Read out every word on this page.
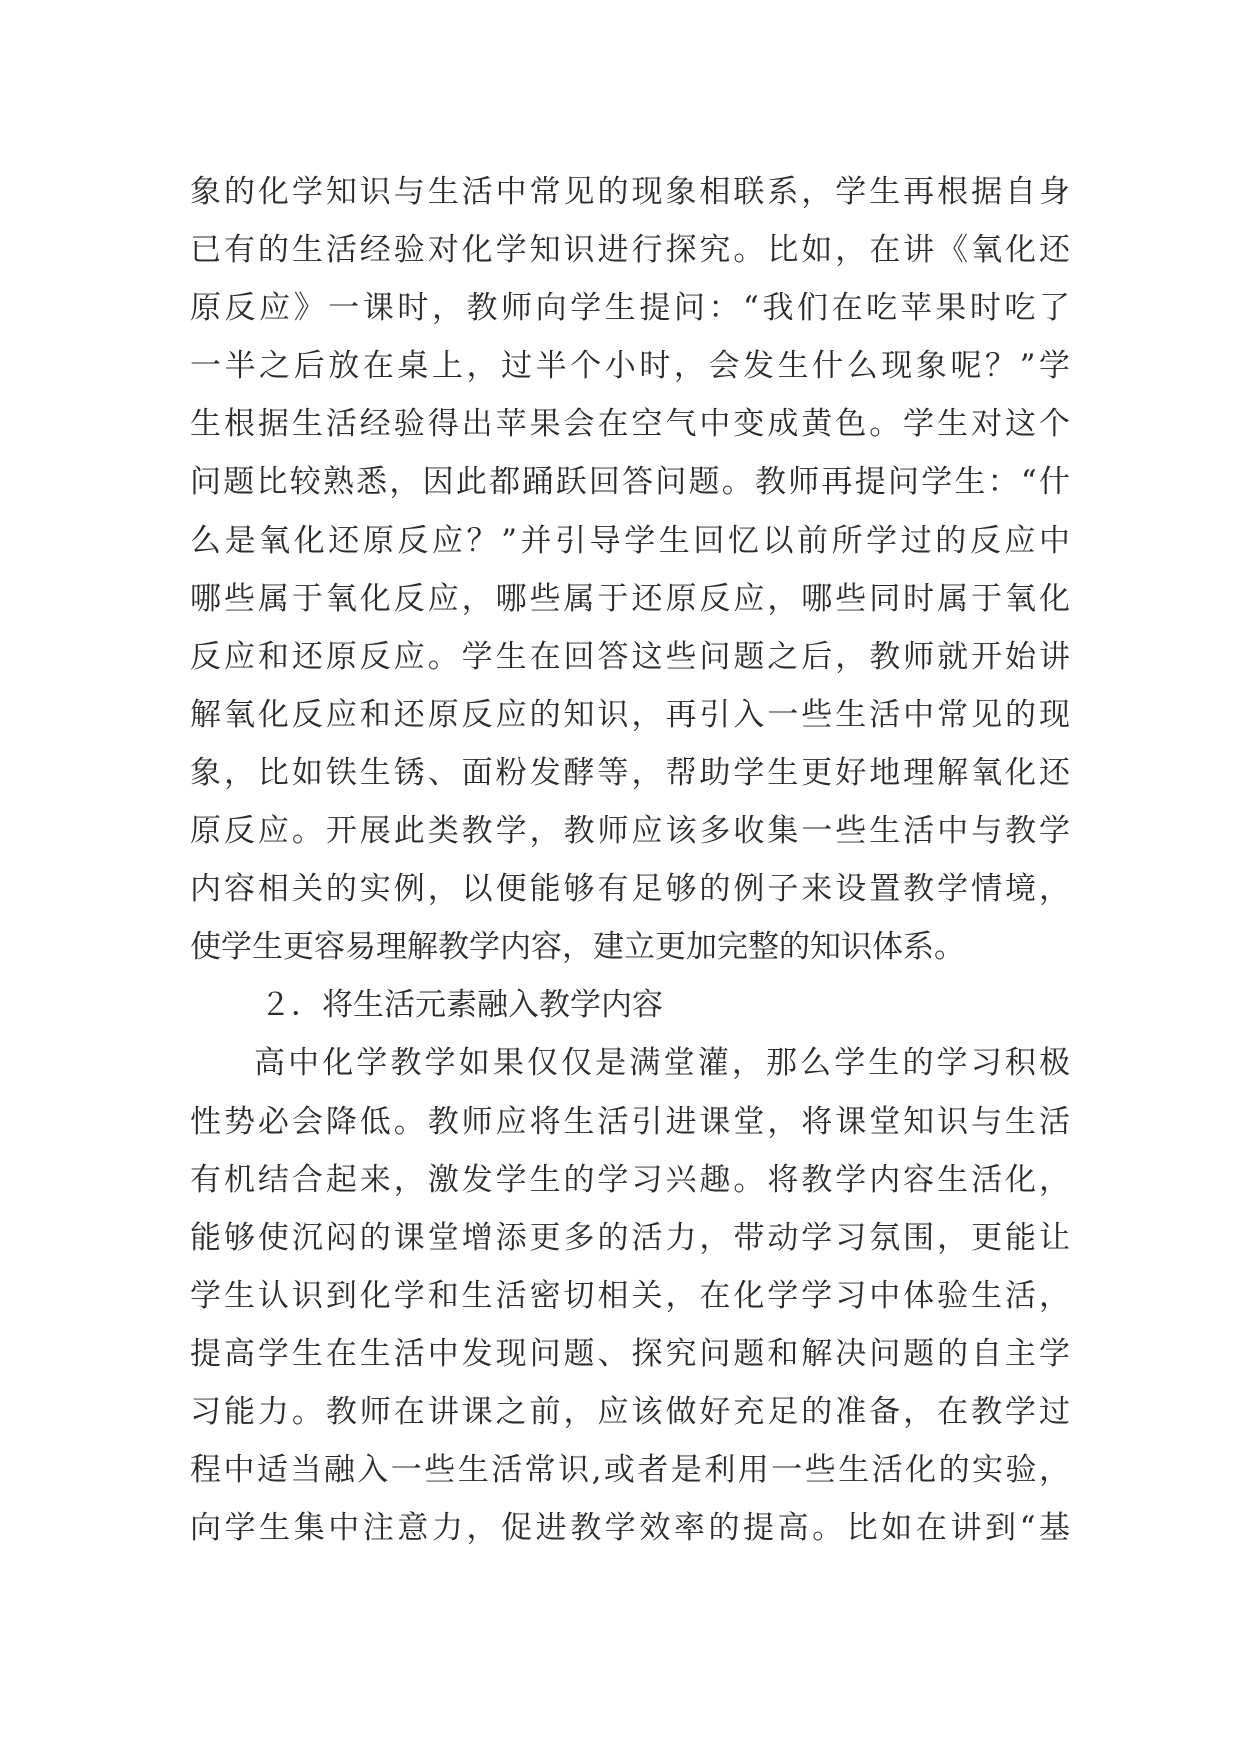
象的化学知识与生活中常见的现象相联系，学生再根据自身
已有的生活经验对化学知识进行探究。比如，在讲《氧化还
原反应》一课时，教师向学生提问：“我们在吃苹果时吃了
一半之后放在桌上，过半个小时，会发生什么现象呢？”学
生根据生活经验得出苹果会在空气中变成黄色。学生对这个
问题比较熟悉，因此都踊跃回答问题。教师再提问学生：“什
么是氧化还原反应？”并引导学生回忆以前所学过的反应中
哪些属于氧化反应，哪些属于还原反应，哪些同时属于氧化
反应和还原反应。学生在回答这些问题之后，教师就开始讲
解氧化反应和还原反应的知识，再引入一些生活中常见的现
象，比如铁生锈、面粉发酵等，帮助学生更好地理解氧化还
原反应。开展此类教学，教师应该多收集一些生活中与教学
内容相关的实例，以便能够有足够的例子来设置教学情境，
使学生更容易理解教学内容，建立更加完整的知识体系。
２．将生活元素融入教学内容
高中化学教学如果仅仅是满堂灌，那么学生的学习积极
性势必会降低。教师应将生活引进课堂，将课堂知识与生活
有机结合起来，激发学生的学习兴趣。将教学内容生活化，
能够使沉闷的课堂增添更多的活力，带动学习氛围，更能让
学生认识到化学和生活密切相关，在化学学习中体验生活，
提高学生在生活中发现问题、探究问题和解决问题的自主学
习能力。教师在讲课之前，应该做好充足的准备，在教学过
程中适当融入一些生活常识,或者是利用一些生活化的实验，
向学生集中注意力，促进教学效率的提高。比如在讲到“基
